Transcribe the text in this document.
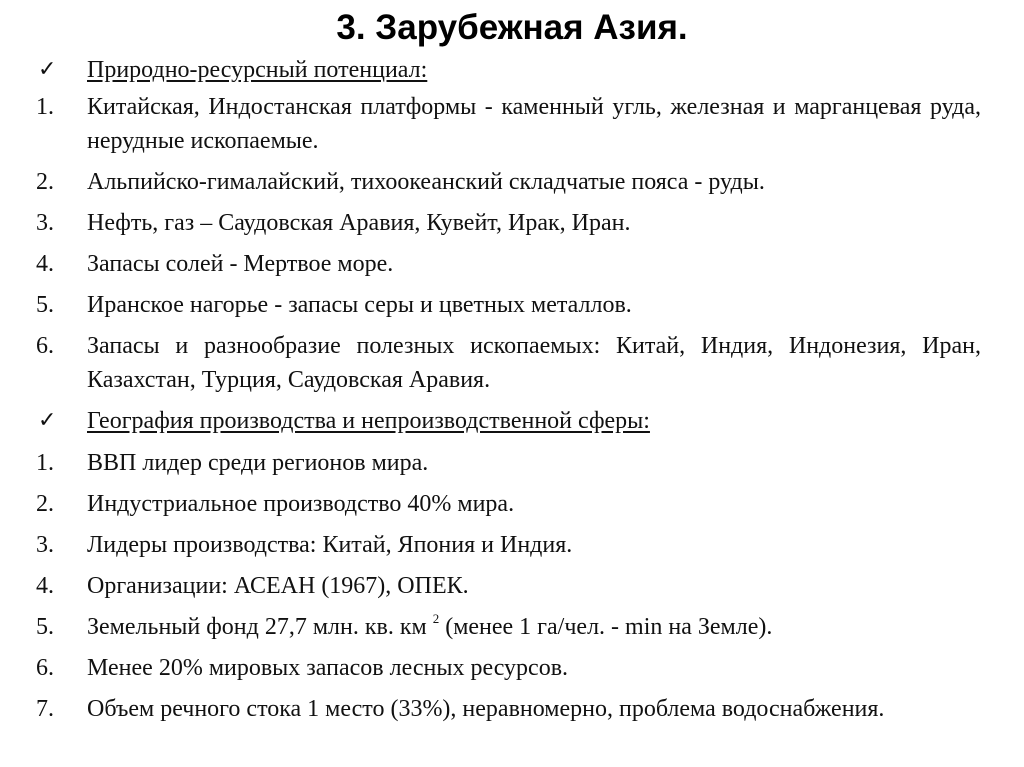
3. Зарубежная Азия.
✓ Природно-ресурсный потенциал:
1. Китайская, Индостанская платформы - каменный угль, железная и марганцевая руда, нерудные ископаемые.
2. Альпийско-гималайский, тихоокеанский складчатые пояса - руды.
3. Нефть, газ – Саудовская Аравия, Кувейт, Ирак, Иран.
4. Запасы солей - Мертвое море.
5. Иранское нагорье - запасы серы и цветных металлов.
6. Запасы и разнообразие полезных ископаемых: Китай, Индия, Индонезия, Иран, Казахстан, Турция, Саудовская Аравия.
✓ География производства и непроизводственной сферы:
1. ВВП лидер среди регионов мира.
2. Индустриальное производство 40% мира.
3. Лидеры производства: Китай, Япония и Индия.
4. Организации: АСЕАН (1967), ОПЕК.
5. Земельный фонд 27,7 млн. кв. км $^2$ (менее 1 га/чел. - min на Земле).
6. Менее 20% мировых запасов лесных ресурсов.
7. Объем речного стока 1 место (33%), неравномерно, проблема водоснабжения.
